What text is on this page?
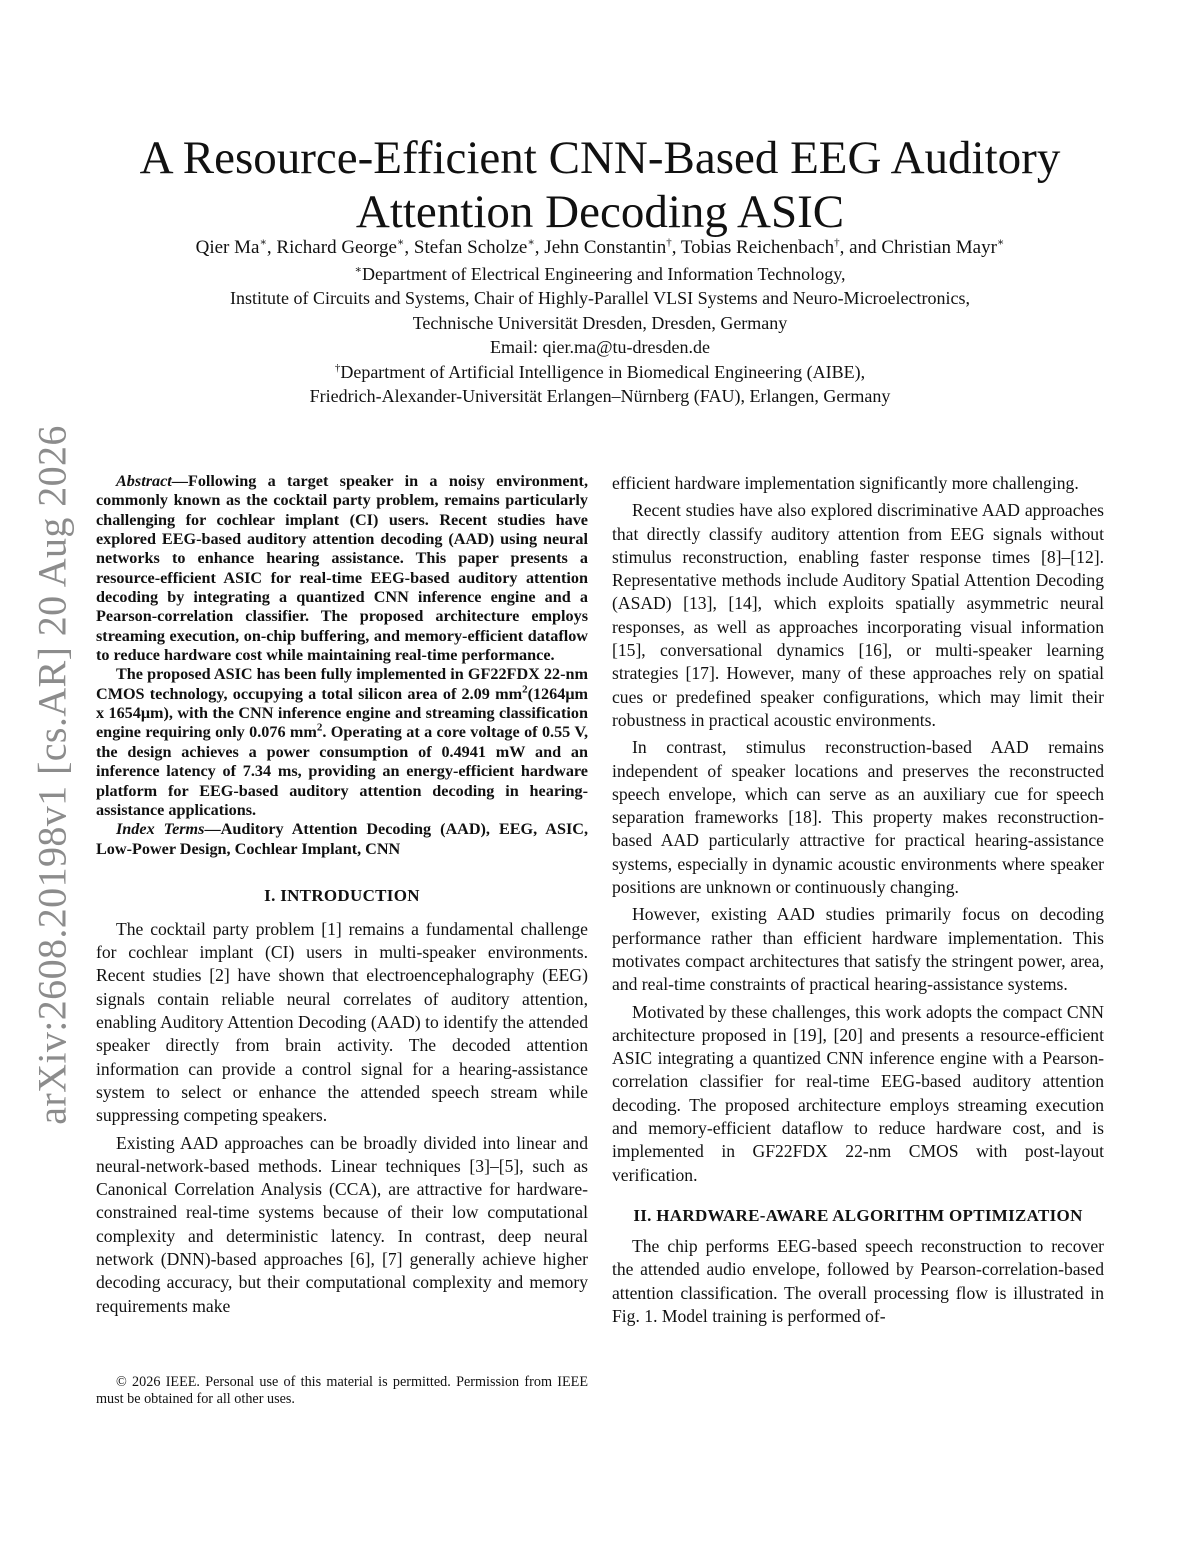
arXiv:2608.20198v1 [cs.AR] 20 Aug 2026
A Resource-Efficient CNN-Based EEG Auditory
Attention Decoding ASIC
Qier Ma∗, Richard George∗, Stefan Scholze∗, Jehn Constantin†, Tobias Reichenbach†, and Christian Mayr∗
∗Department of Electrical Engineering and Information Technology,
Institute of Circuits and Systems, Chair of Highly-Parallel VLSI Systems and Neuro-Microelectronics,
Technische Universität Dresden, Dresden, Germany
Email: qier.ma@tu-dresden.de
†Department of Artificial Intelligence in Biomedical Engineering (AIBE),
Friedrich-Alexander-Universität Erlangen–Nürnberg (FAU), Erlangen, Germany

Abstract—Following a target speaker in a noisy environment, commonly known as the cocktail party problem, remains particularly challenging for cochlear implant (CI) users. Recent studies have explored EEG-based auditory attention decoding (AAD) using neural networks to enhance hearing assistance. This paper presents a resource-efficient ASIC for real-time EEG-based auditory attention decoding by integrating a quantized CNN inference engine and a Pearson-correlation classifier. The proposed architecture employs streaming execution, on-chip buffering, and memory-efficient dataflow to reduce hardware cost while maintaining real-time performance.

The proposed ASIC has been fully implemented in GF22FDX 22-nm CMOS technology, occupying a total silicon area of 2.09 $mm^2(1264\mu m$ x 1654μm), with the CNN inference engine and streaming classification engine requiring only 0.076 $mm^2$. Operating at a core voltage of 0.55 V, the design achieves a power consumption of 0.4941 mW and an inference latency of 7.34 ms, providing an energy-efficient hardware platform for EEG-based auditory attention decoding in hearing-assistance applications.

Index Terms—Auditory Attention Decoding (AAD), EEG, ASIC, Low-Power Design, Cochlear Implant, CNN

I. INTRODUCTION

The cocktail party problem [1] remains a fundamental challenge for cochlear implant (CI) users in multi-speaker environments. Recent studies [2] have shown that electroencephalography (EEG) signals contain reliable neural correlates of auditory attention, enabling Auditory Attention Decoding (AAD) to identify the attended speaker directly from brain activity. The decoded attention information can provide a control signal for a hearing-assistance system to select or enhance the attended speech stream while suppressing competing speakers.

Existing AAD approaches can be broadly divided into linear and neural-network-based methods. Linear techniques [3]–[5], such as Canonical Correlation Analysis (CCA), are attractive for hardware-constrained real-time systems because of their low computational complexity and deterministic latency. In contrast, deep neural network (DNN)-based approaches [6], [7] generally achieve higher decoding accuracy, but their computational complexity and memory requirements make

© 2026 IEEE. Personal use of this material is permitted. Permission from IEEE must be obtained for all other uses.

efficient hardware implementation significantly more challenging.

Recent studies have also explored discriminative AAD approaches that directly classify auditory attention from EEG signals without stimulus reconstruction, enabling faster response times [8]–[12]. Representative methods include Auditory Spatial Attention Decoding (ASAD) [13], [14], which exploits spatially asymmetric neural responses, as well as approaches incorporating visual information [15], conversational dynamics [16], or multi-speaker learning strategies [17]. However, many of these approaches rely on spatial cues or predefined speaker configurations, which may limit their robustness in practical acoustic environments.

In contrast, stimulus reconstruction-based AAD remains independent of speaker locations and preserves the reconstructed speech envelope, which can serve as an auxiliary cue for speech separation frameworks [18]. This property makes reconstruction-based AAD particularly attractive for practical hearing-assistance systems, especially in dynamic acoustic environments where speaker positions are unknown or continuously changing.

However, existing AAD studies primarily focus on decoding performance rather than efficient hardware implementation. This motivates compact architectures that satisfy the stringent power, area, and real-time constraints of practical hearing-assistance systems.

Motivated by these challenges, this work adopts the compact CNN architecture proposed in [19], [20] and presents a resource-efficient ASIC integrating a quantized CNN inference engine with a Pearson-correlation classifier for real-time EEG-based auditory attention decoding. The proposed architecture employs streaming execution and memory-efficient dataflow to reduce hardware cost, and is implemented in GF22FDX 22-nm CMOS with post-layout verification.

II. HARDWARE-AWARE ALGORITHM OPTIMIZATION

The chip performs EEG-based speech reconstruction to recover the attended audio envelope, followed by Pearson-correlation-based attention classification. The overall processing flow is illustrated in Fig. 1. Model training is performed of-
